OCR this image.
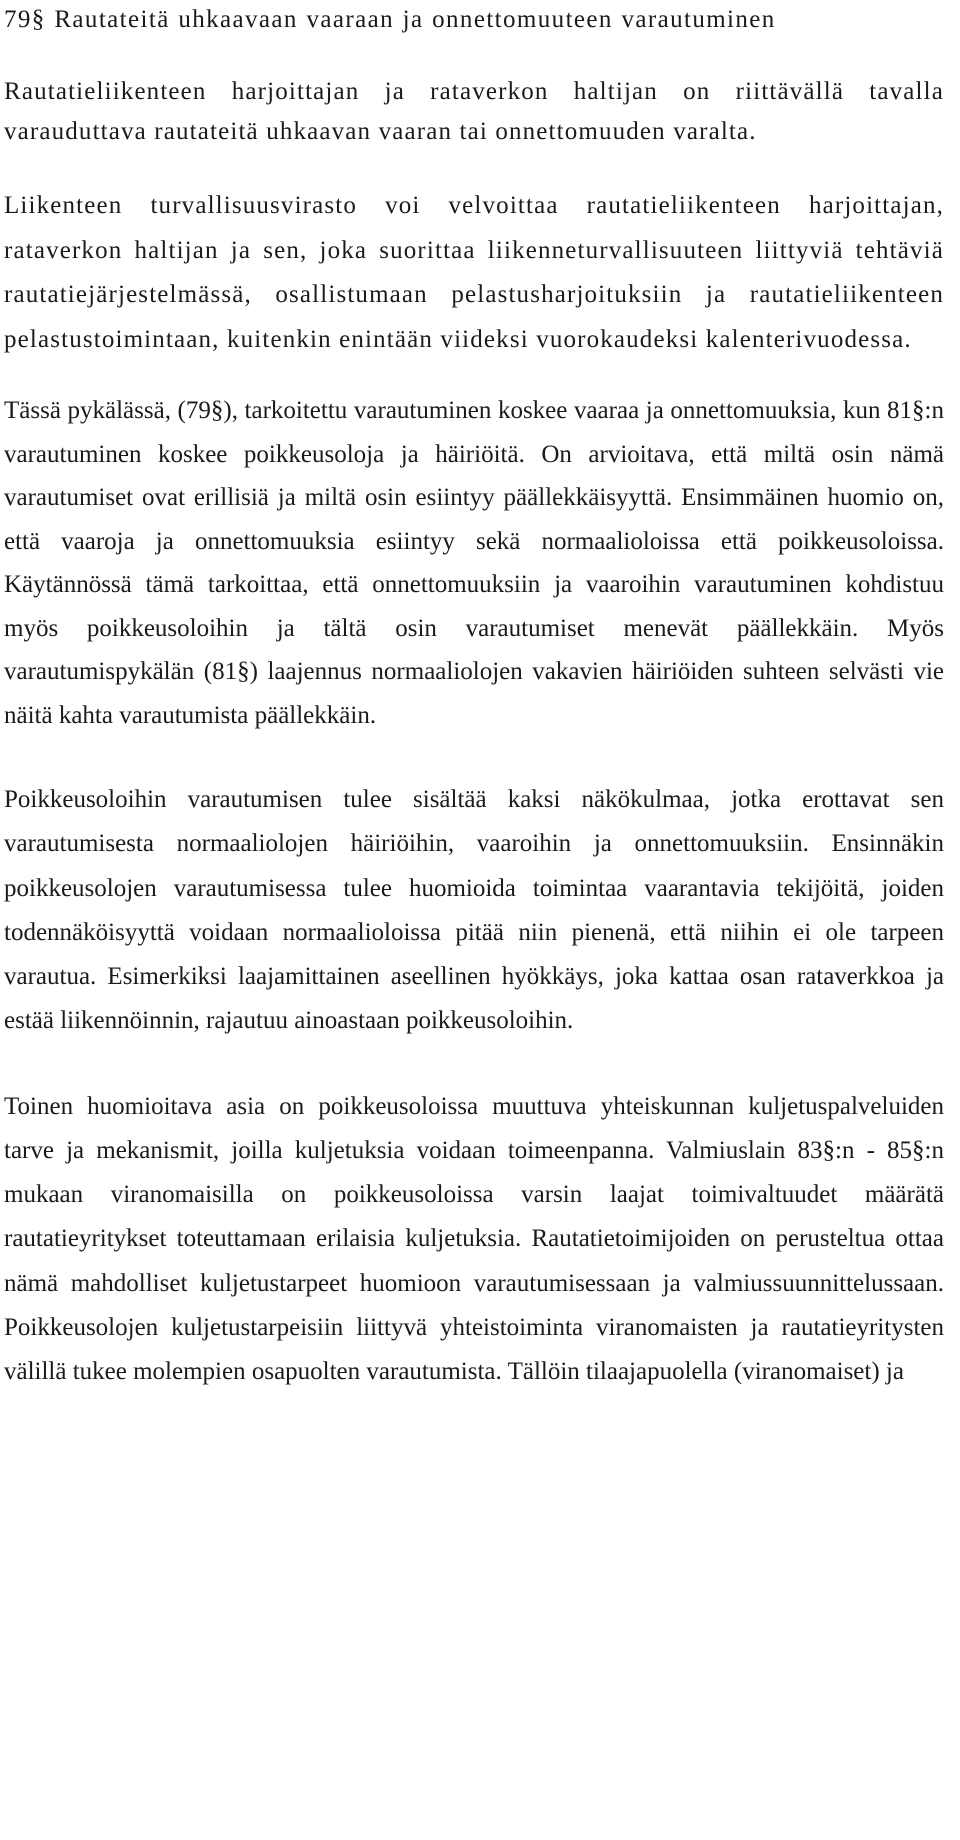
79§ Rautateitä uhkaavaan vaaraan ja onnettomuuteen varautuminen

Rautatieliikenteen harjoittajan ja rataverkon haltijan on riittävällä tavalla varauduttava rautateitä uhkaavan vaaran tai onnettomuuden varalta.

Liikenteen turvallisuusvirasto voi velvoittaa rautatieliikenteen harjoittajan, rataverkon haltijan ja sen, joka suorittaa liikenneturvallisuuteen liittyviä tehtäviä rautatiejärjestelmässä, osallistumaan pelastusharjoituksiin ja rautatieliikenteen pelastustoimintaan, kuitenkin enintään viideksi vuorokaudeksi kalenterivuodessa.

Tässä pykälässä, (79§), tarkoitettu varautuminen koskee vaaraa ja onnettomuuksia, kun 81§:n varautuminen koskee poikkeusoloja ja häiriöitä. On arvioitava, että miltä osin nämä varautumiset ovat erillisiä ja miltä osin esiintyy päällekkäisyyttä. Ensimmäinen huomio on, että vaaroja ja onnettomuuksia esiintyy sekä normaalioloissa että poikkeusoloissa. Käytännössä tämä tarkoittaa, että onnettomuuksiin ja vaaroihin varautuminen kohdistuu myös poikkeusoloihin ja tältä osin varautumiset menevät päällekkäin. Myös varautumispykälän (81§) laajennus normaaliolojen vakavien häiriöiden suhteen selvästi vie näitä kahta varautumista päällekkäin.

Poikkeusoloihin varautumisen tulee sisältää kaksi näkökulmaa, jotka erottavat sen varautumisesta normaaliolojen häiriöihin, vaaroihin ja onnettomuuksiin. Ensinnäkin poikkeusolojen varautumisessa tulee huomioida toimintaa vaarantavia tekijöitä, joiden todennäköisyyttä voidaan normaalioloissa pitää niin pienenä, että niihin ei ole tarpeen varautua. Esimerkiksi laajamittainen aseellinen hyökkäys, joka kattaa osan rataverkkoa ja estää liikennöinnin, rajautuu ainoastaan poikkeusoloihin.

Toinen huomioitava asia on poikkeusoloissa muuttuva yhteiskunnan kuljetuspalveluiden tarve ja mekanismit, joilla kuljetuksia voidaan toimeenpanna. Valmiuslain 83§:n - 85§:n mukaan viranomaisilla on poikkeusoloissa varsin laajat toimivaltuudet määrätä rautatieyritykset toteuttamaan erilaisia kuljetuksia. Rautatietoimijoiden on perusteltua ottaa nämä mahdolliset kuljetustarpeet huomioon varautumisessaan ja valmiussuunnittelussaan. Poikkeusolojen kuljetustarpeisiin liittyvä yhteistoiminta viranomaisten ja rautatieyritysten välillä tukee molempien osapuolten varautumista. Tällöin tilaajapuolella (viranomaiset) ja
